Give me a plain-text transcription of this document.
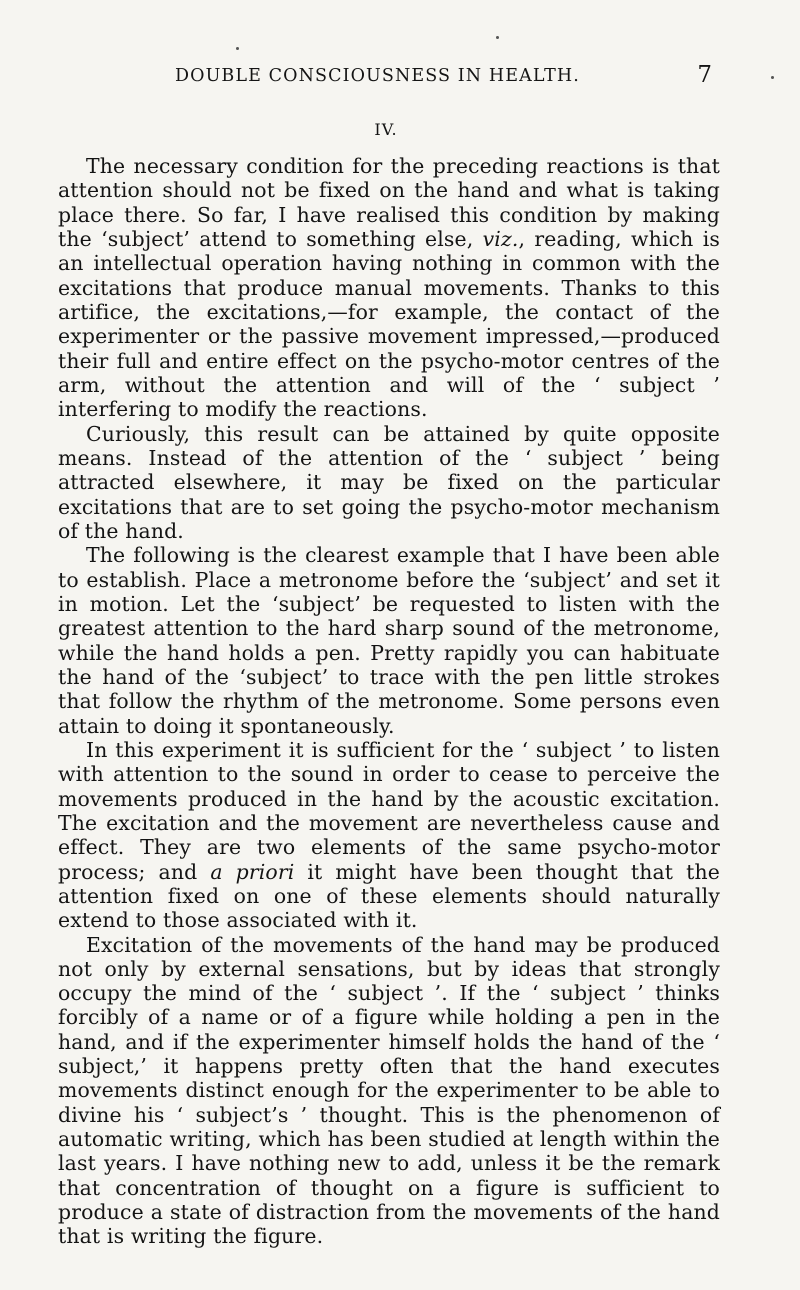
DOUBLE CONSCIOUSNESS IN HEALTH.	7
IV.

The necessary condition for the preceding reactions is that attention should not be fixed on the hand and what is taking place there. So far, I have realised this condition by making the ‘subject’ attend to something else, viz., reading, which is an intellectual operation having nothing in common with the excitations that produce manual movements. Thanks to this artifice, the excitations,—for example, the contact of the experimenter or the passive movement impressed,—produced their full and entire effect on the psycho-motor centres of the arm, without the attention and will of the ‘ subject ’ interfering to modify the reactions.

Curiously, this result can be attained by quite opposite means. Instead of the attention of the ‘ subject ’ being attracted elsewhere, it may be fixed on the particular excitations that are to set going the psycho-motor mechanism of the hand.

The following is the clearest example that I have been able to establish. Place a metronome before the ‘subject’ and set it in motion. Let the ‘subject’ be requested to listen with the greatest attention to the hard sharp sound of the metronome, while the hand holds a pen. Pretty rapidly you can habituate the hand of the ‘subject’ to trace with the pen little strokes that follow the rhythm of the metronome. Some persons even attain to doing it spontaneously.

In this experiment it is sufficient for the ‘ subject ’ to listen with attention to the sound in order to cease to perceive the movements produced in the hand by the acoustic excitation. The excitation and the movement are nevertheless cause and effect. They are two elements of the same psycho-motor process; and a priori it might have been thought that the attention fixed on one of these elements should naturally extend to those associated with it.

Excitation of the movements of the hand may be produced not only by external sensations, but by ideas that strongly occupy the mind of the ‘ subject ’. If the ‘ subject ’ thinks forcibly of a name or of a figure while holding a pen in the hand, and if the experimenter himself holds the hand of the ‘ subject,’ it happens pretty often that the hand executes movements distinct enough for the experimenter to be able to divine his ‘ subject’s ’ thought. This is the phenomenon of automatic writing, which has been studied at length within the last years. I have nothing new to add, unless it be the remark that concentration of thought on a figure is sufficient to produce a state of distraction from the movements of the hand that is writing the figure.
